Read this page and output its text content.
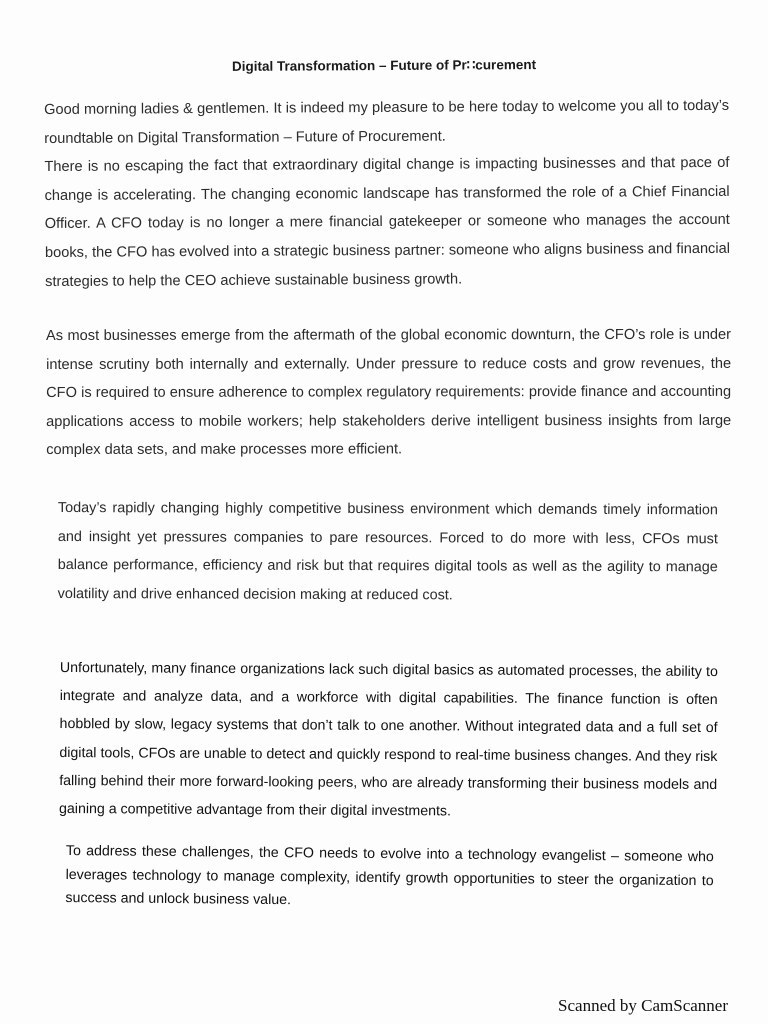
Digital Transformation – Future of Pr∷curement

Good morning ladies & gentlemen. It is indeed my pleasure to be here today to welcome you all to today’s roundtable on Digital Transformation – Future of Procurement.

There is no escaping the fact that extraordinary digital change is impacting businesses and that pace of change is accelerating. The changing economic landscape has transformed the role of a Chief Financial Officer. A CFO today is no longer a mere financial gatekeeper or someone who manages the account books, the CFO has evolved into a strategic business partner: someone who aligns business and financial strategies to help the CEO achieve sustainable business growth.

As most businesses emerge from the aftermath of the global economic downturn, the CFO’s role is under intense scrutiny both internally and externally. Under pressure to reduce costs and grow revenues, the CFO is required to ensure adherence to complex regulatory requirements: provide finance and accounting applications access to mobile workers; help stakeholders derive intelligent business insights from large complex data sets, and make processes more efficient.

Today’s rapidly changing highly competitive business environment which demands timely information and insight yet pressures companies to pare resources. Forced to do more with less, CFOs must balance performance, efficiency and risk but that requires digital tools as well as the agility to manage volatility and drive enhanced decision making at reduced cost.

Unfortunately, many finance organizations lack such digital basics as automated processes, the ability to integrate and analyze data, and a workforce with digital capabilities. The finance function is often hobbled by slow, legacy systems that don’t talk to one another. Without integrated data and a full set of digital tools, CFOs are unable to detect and quickly respond to real-time business changes. And they risk falling behind their more forward-looking peers, who are already transforming their business models and gaining a competitive advantage from their digital investments.

To address these challenges, the CFO needs to evolve into a technology evangelist – someone who leverages technology to manage complexity, identify growth opportunities to steer the organization to success and unlock business value.

Scanned by CamScanner
